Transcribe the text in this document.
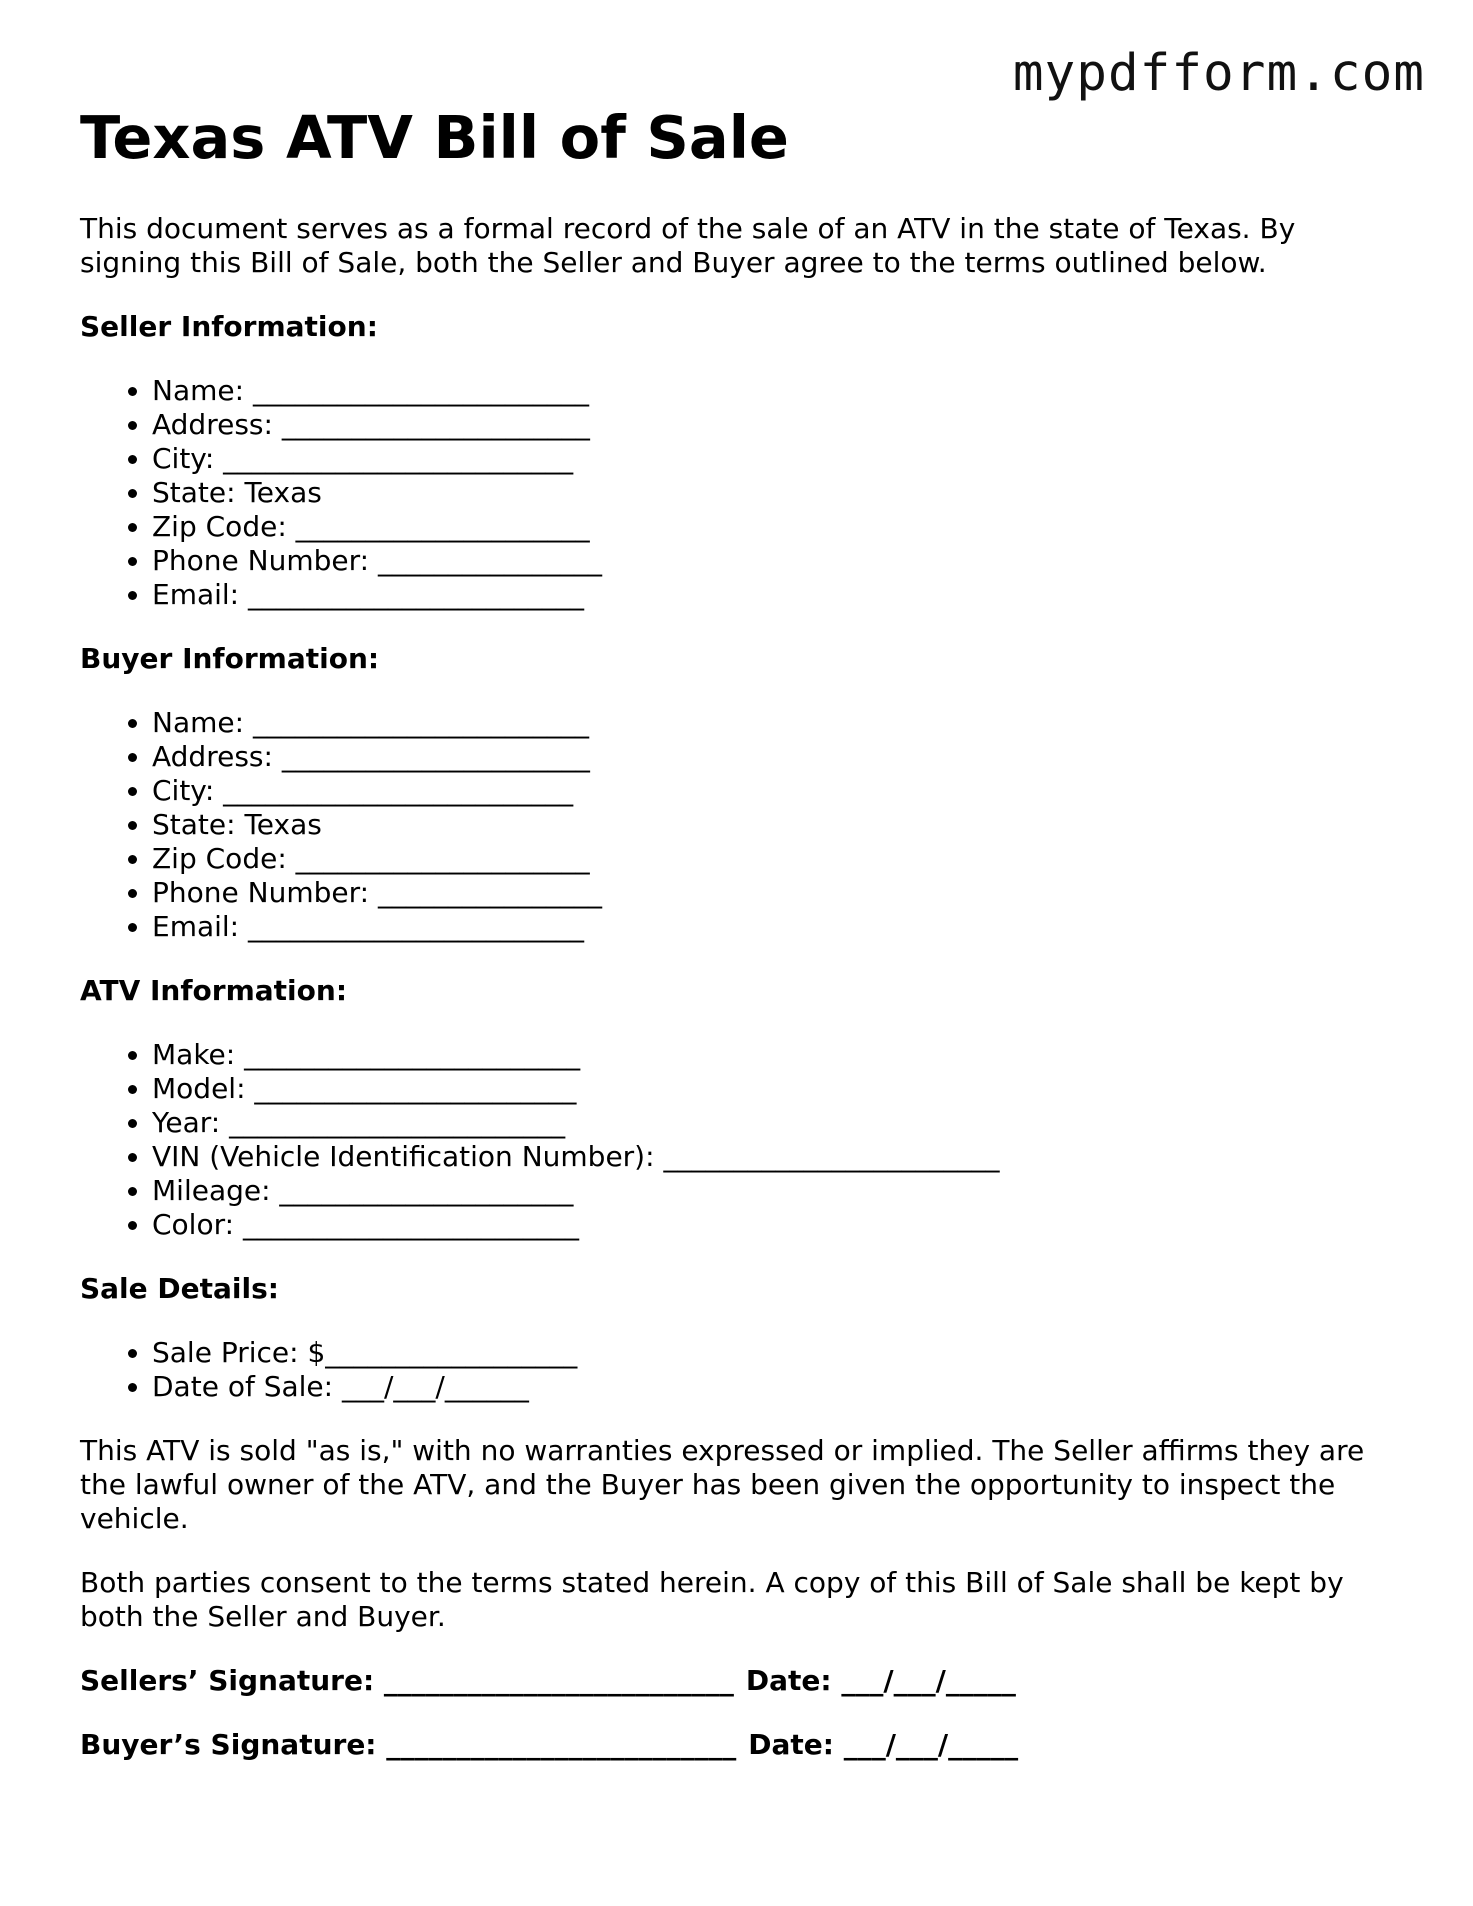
mypdfform.com
Texas ATV Bill of Sale

This document serves as a formal record of the sale of an ATV in the state of Texas. By signing this Bill of Sale, both the Seller and Buyer agree to the terms outlined below.

Seller Information:
• Name: ________________________
• Address: ______________________
• City: _________________________
• State: Texas
• Zip Code: _____________________
• Phone Number: ________________
• Email: ________________________
Buyer Information:
• Name: ________________________
• Address: ______________________
• City: _________________________
• State: Texas
• Zip Code: _____________________
• Phone Number: ________________
• Email: ________________________
ATV Information:
• Make: ________________________
• Model: _______________________
• Year: ________________________
• VIN (Vehicle Identification Number): ________________________
• Mileage: _____________________
• Color: ________________________
Sale Details:
• Sale Price: $__________________
• Date of Sale: ___/___/______

This ATV is sold "as is," with no warranties expressed or implied. The Seller affirms they are the lawful owner of the ATV, and the Buyer has been given the opportunity to inspect the vehicle.

Both parties consent to the terms stated herein. A copy of this Bill of Sale shall be kept by both the Seller and Buyer.

Sellers’ Signature: _________________________ Date: ___/___/_____
Buyer’s Signature: _________________________ Date: ___/___/_____
